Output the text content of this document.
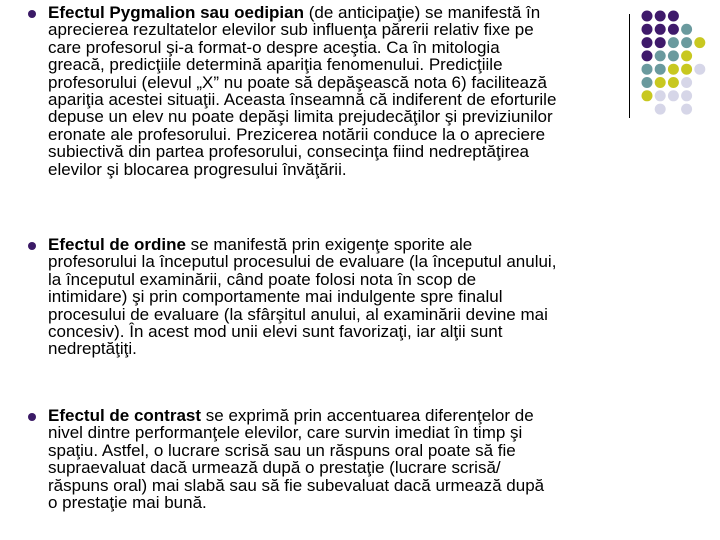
Efectul Pygmalion sau oedipian (de anticipaţie) se manifestă în
aprecierea rezultatelor elevilor sub influenţa părerii relativ fixe pe
care profesorul şi-a format-o despre aceştia. Ca în mitologia
greacă, predicţiile determină apariţia fenomenului. Predicţiile
profesorului (elevul „X” nu poate să depăşească nota 6) facilitează
apariţia acestei situaţii. Aceasta înseamnă că indiferent de eforturile
depuse un elev nu poate depăşi limita prejudecăţilor şi previziunilor
eronate ale profesorului. Prezicerea notării conduce la o apreciere
subiectivă din partea profesorului, consecinţa fiind nedreptăţirea
elevilor şi blocarea progresului învăţării.
Efectul de ordine se manifestă prin exigenţe sporite ale
profesorului la începutul procesului de evaluare (la începutul anului,
la începutul examinării, când poate folosi nota în scop de
intimidare) şi prin comportamente mai indulgente spre finalul
procesului de evaluare (la sfârşitul anului, al examinării devine mai
concesiv). În acest mod unii elevi sunt favorizaţi, iar alţii sunt
nedreptăţiţi.
Efectul de contrast se exprimă prin accentuarea diferenţelor de
nivel dintre performanţele elevilor, care survin imediat în timp şi
spaţiu. Astfel, o lucrare scrisă sau un răspuns oral poate să fie
supraevaluat dacă urmează după o prestaţie (lucrare scrisă/
răspuns oral) mai slabă sau să fie subevaluat dacă urmează după
o prestaţie mai bună.
